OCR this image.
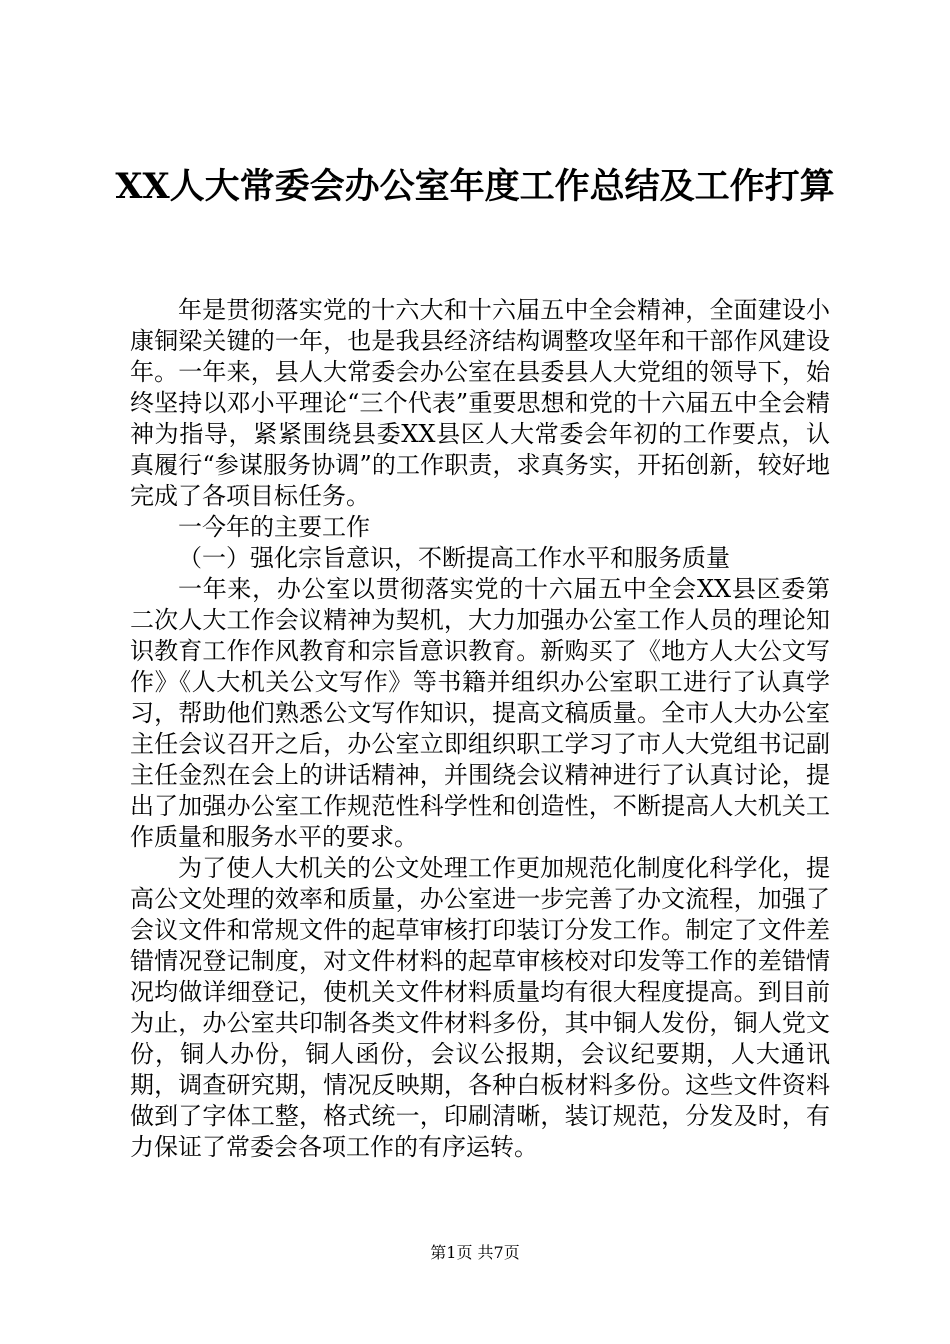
XX人大常委会办公室年度工作总结及工作打算

年是贯彻落实党的十六大和十六届五中全会精神，全面建设小康铜梁关键的一年，也是我县经济结构调整攻坚年和干部作风建设年。一年来，县人大常委会办公室在县委县人大党组的领导下，始终坚持以邓小平理论“三个代表”重要思想和党的十六届五中全会精神为指导，紧紧围绕县委XX县区人大常委会年初的工作要点，认真履行“参谋服务协调”的工作职责，求真务实，开拓创新，较好地完成了各项目标任务。

一今年的主要工作

（一）强化宗旨意识，不断提高工作水平和服务质量

一年来，办公室以贯彻落实党的十六届五中全会XX县区委第二次人大工作会议精神为契机，大力加强办公室工作人员的理论知识教育工作作风教育和宗旨意识教育。新购买了《地方人大公文写作》《人大机关公文写作》等书籍并组织办公室职工进行了认真学习，帮助他们熟悉公文写作知识，提高文稿质量。全市人大办公室主任会议召开之后，办公室立即组织职工学习了市人大党组书记副主任金烈在会上的讲话精神，并围绕会议精神进行了认真讨论，提出了加强办公室工作规范性科学性和创造性，不断提高人大机关工作质量和服务水平的要求。

为了使人大机关的公文处理工作更加规范化制度化科学化，提高公文处理的效率和质量，办公室进一步完善了办文流程，加强了会议文件和常规文件的起草审核打印装订分发工作。制定了文件差错情况登记制度，对文件材料的起草审核校对印发等工作的差错情况均做详细登记，使机关文件材料质量均有很大程度提高。到目前为止，办公室共印制各类文件材料多份，其中铜人发份，铜人党文份，铜人办份，铜人函份，会议公报期，会议纪要期，人大通讯期，调查研究期，情况反映期，各种白板材料多份。这些文件资料做到了字体工整，格式统一，印刷清晰，装订规范，分发及时，有力保证了常委会各项工作的有序运转。

第1页 共7页
